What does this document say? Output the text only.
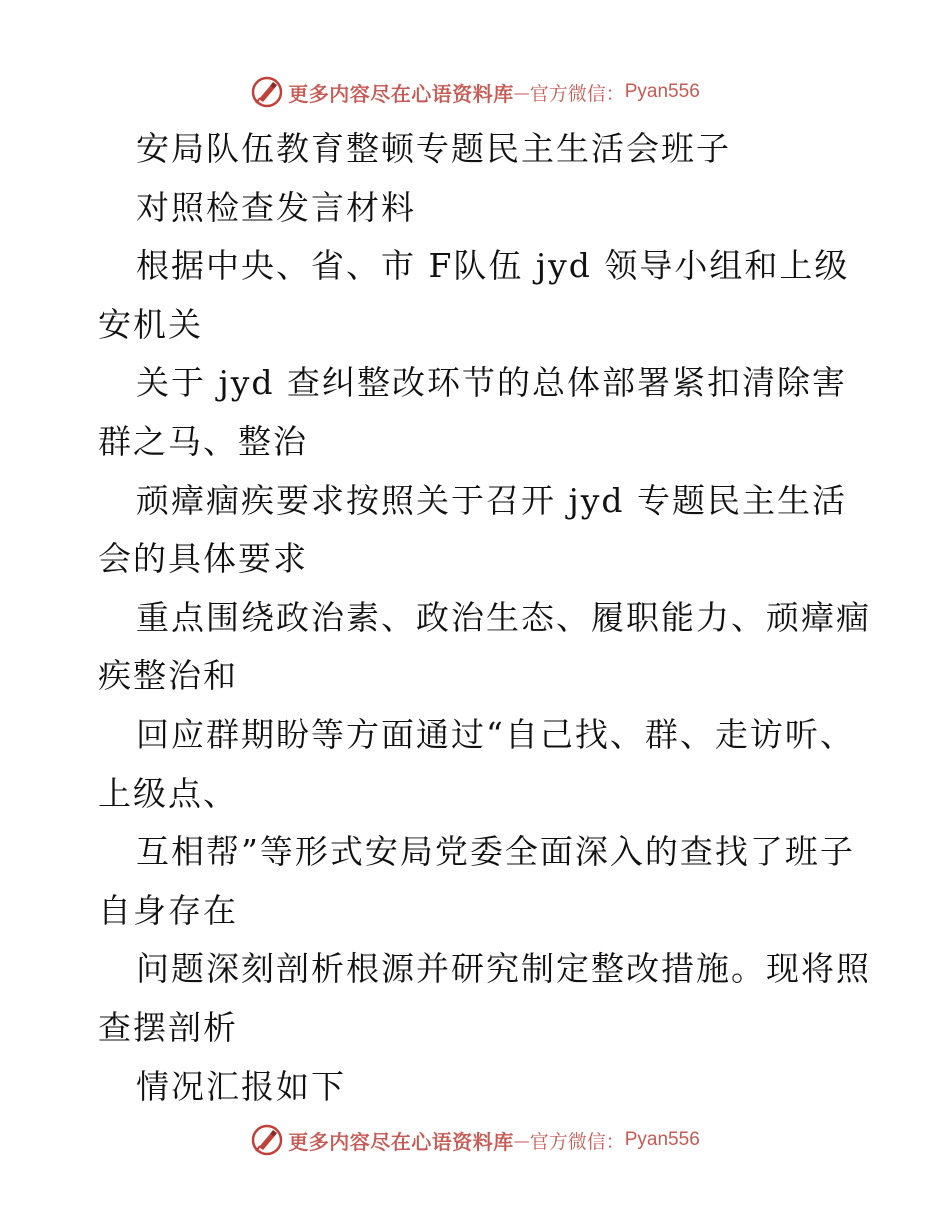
更多内容尽在心语资料库 — 官方微信： Pyan556
安局队伍教育整顿专题民主生活会班子
对照检查发言材料
根据中央、省、市 F队伍 jyd 领导小组和上级
安机关
关于 jyd 查纠整改环节的总体部署紧扣清除害
群之马、整治
顽瘴痼疾要求按照关于召开 jyd 专题民主生活
会的具体要求
重点围绕政治素、政治生态、履职能力、顽瘴痼
疾整治和
回应群期盼等方面通过“自己找、群、走访听、
上级点、
互相帮”等形式安局党委全面深入的查找了班子
自身存在
问题深刻剖析根源并研究制定整改措施。现将照
查摆剖析
情况汇报如下
更多内容尽在心语资料库 — 官方微信： Pyan556
